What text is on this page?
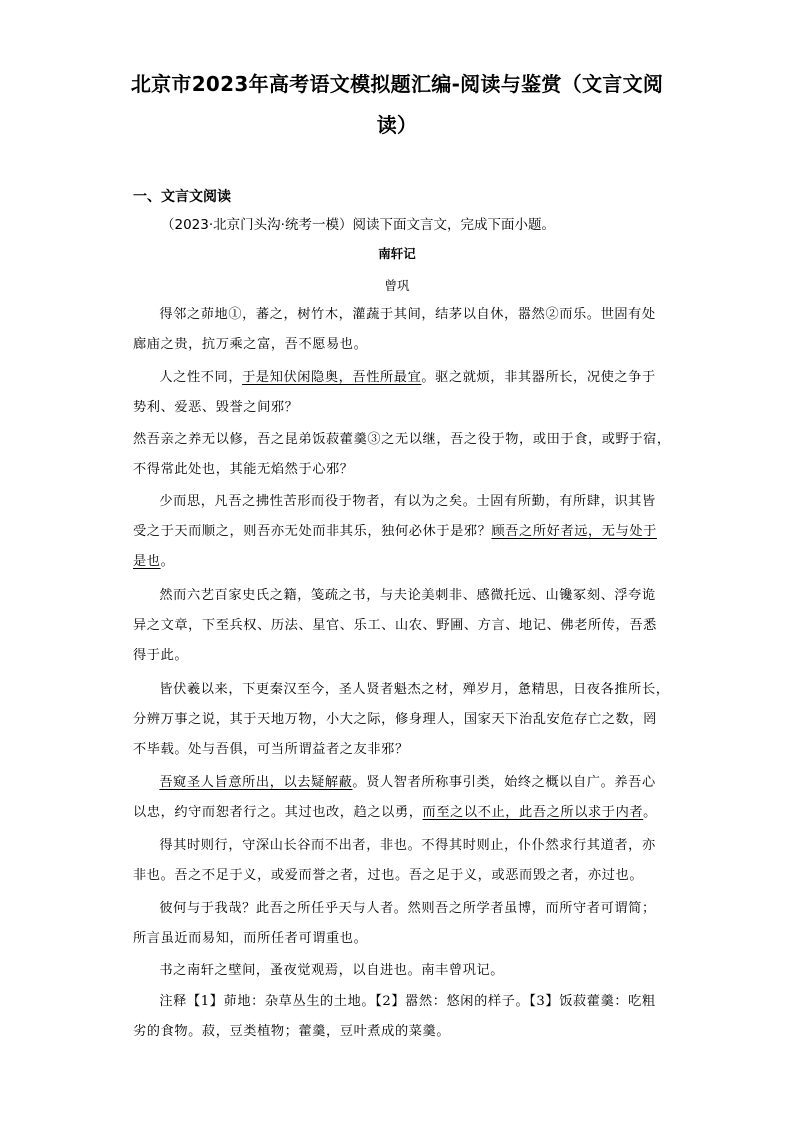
北京市2023年高考语文模拟题汇编-阅读与鉴赏（文言文阅
读）
一、文言文阅读
（2023·北京门头沟·统考一模）阅读下面文言文，完成下面小题。
南轩记
曾巩
得邻之茆地①，蕃之，树竹木，灌蔬于其间，结茅以自休，嚣然②而乐。世固有处
廊庙之贵，抗万乘之富，吾不愿易也。
人之性不同，于是知伏闲隐奥，吾性所最宜。驱之就烦，非其器所长，况使之争于
势利、爱恶、毁誉之间邪？
然吾亲之养无以修，吾之昆弟饭菽藿羹③之无以继，吾之役于物，或田于食，或野于宿，
不得常此处也，其能无焰然于心邪？
少而思，凡吾之拂性苦形而役于物者，有以为之矣。士固有所勤，有所肆，识其皆
受之于天而顺之，则吾亦无处而非其乐，独何必休于是邪？顾吾之所好者远，无与处于
是也。
然而六艺百家史氏之籍，笺疏之书，与夫论美刺非、感微托远、山镵冢刻、浮夸诡
异之文章，下至兵权、历法、星官、乐工、山农、野圃、方言、地记、佛老所传，吾悉
得于此。
皆伏羲以来，下更秦汉至今，圣人贤者魁杰之材，殚岁月，惫精思，日夜各推所长，
分辨万事之说，其于天地万物，小大之际，修身理人，国家天下治乱安危存亡之数，罔
不毕载。处与吾俱，可当所谓益者之友非邪？
吾窥圣人旨意所出，以去疑解蔽。贤人智者所称事引类，始终之概以自广。养吾心
以忠，约守而恕者行之。其过也改，趋之以勇，而至之以不止，此吾之所以求于内者。
得其时则行，守深山长谷而不出者，非也。不得其时则止，仆仆然求行其道者，亦
非也。吾之不足于义，或爱而誉之者，过也。吾之足于义，或恶而毁之者，亦过也。
彼何与于我哉？此吾之所任乎天与人者。然则吾之所学者虽博，而所守者可谓简；
所言虽近而易知，而所任者可谓重也。
书之南轩之壁间，蚤夜觉观焉，以自进也。南丰曾巩记。
注释【1】茆地：杂草丛生的土地。【2】嚣然：悠闲的样子。【3】饭菽藿羹：吃粗
劣的食物。菽，豆类植物；藿羹，豆叶煮成的菜羹。
